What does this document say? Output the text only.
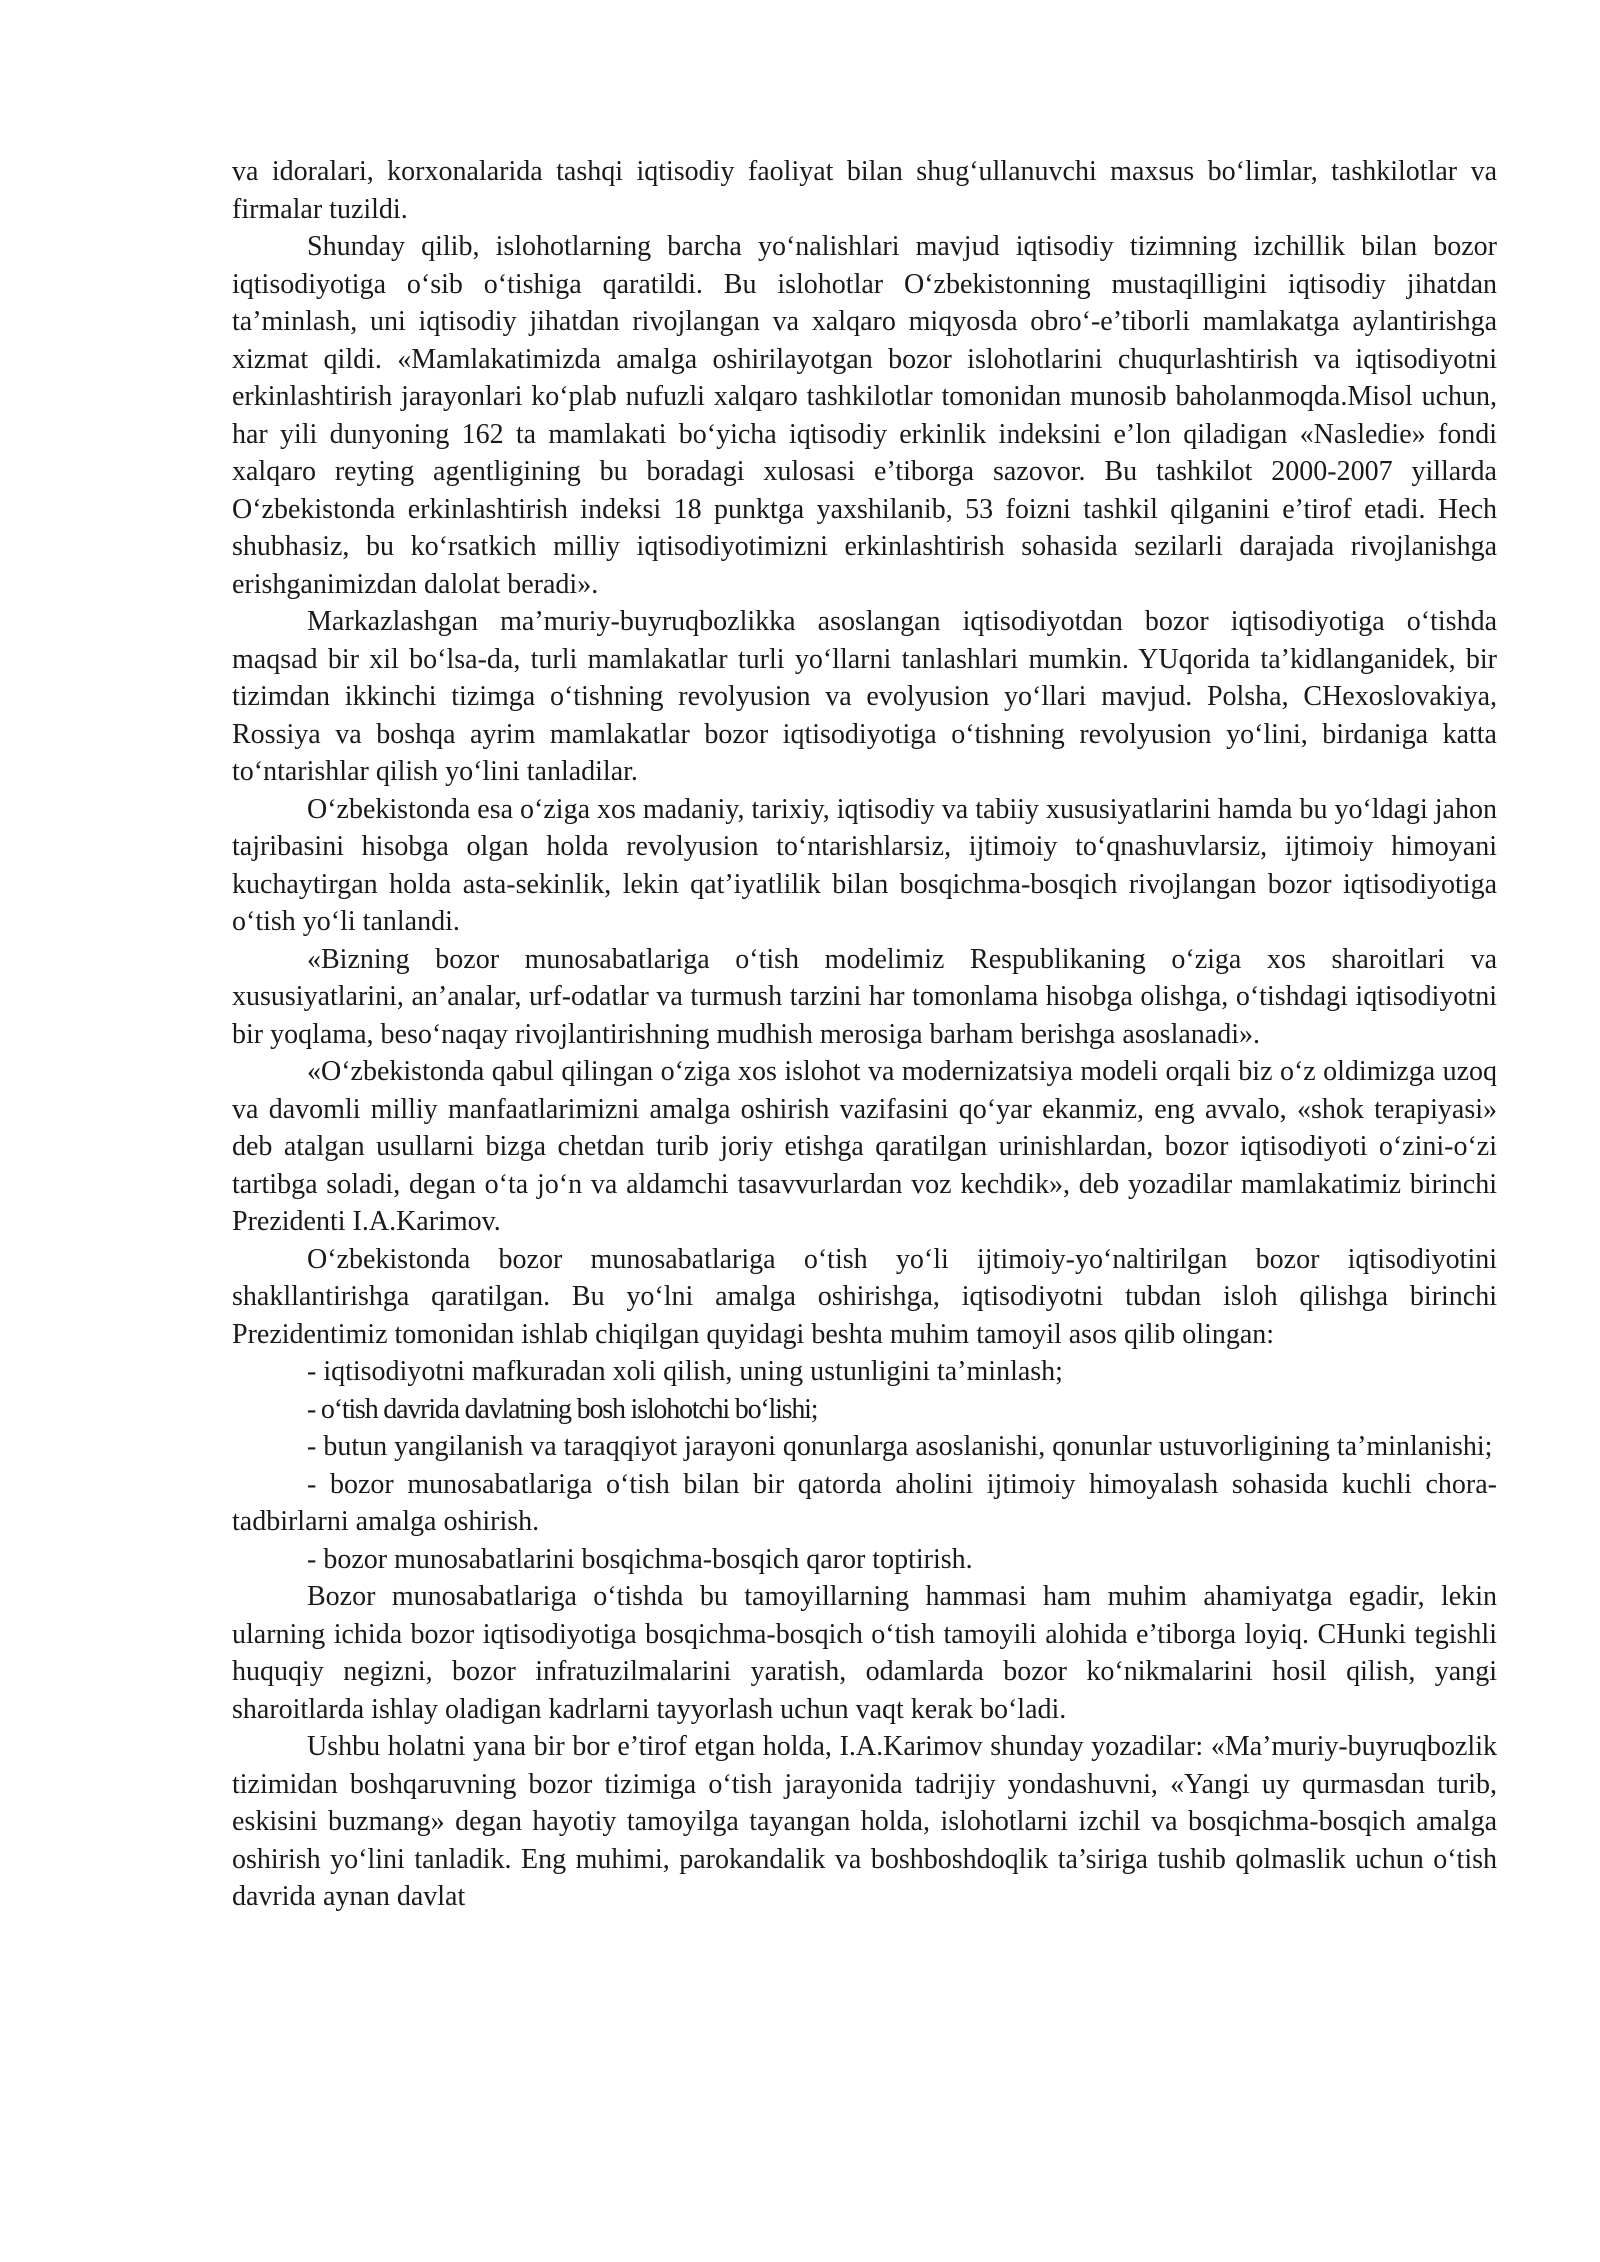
va idoralari, korxonalarida tashqi iqtisodiy faoliyat bilan shug‘ullanuvchi maxsus bo‘limlar, tashkilotlar va firmalar tuzildi.

Shunday qilib, islohotlarning barcha yo‘nalishlari mavjud iqtisodiy tizimning izchillik bilan bozor iqtisodiyotiga o‘sib o‘tishiga qaratildi. Bu islohotlar O‘zbekistonning mustaqilligini iqtisodiy jihatdan ta’minlash, uni iqtisodiy jihatdan rivojlangan va xalqaro miqyosda obro‘-e’tiborli mamlakatga aylantirishga xizmat qildi. «Mamlakatimizda amalga oshirilayotgan bozor islohotlarini chuqurlashtirish va iqtisodiyotni erkinlashtirish jarayonlari ko‘plab nufuzli xalqaro tashkilotlar tomonidan munosib baholanmoqda.Misol uchun, har yili dunyoning 162 ta mamlakati bo‘yicha iqtisodiy erkinlik indeksini e’lon qiladigan «Nasledie» fondi xalqaro reyting agentligining bu boradagi xulosasi e’tiborga sazovor. Bu tashkilot 2000-2007 yillarda O‘zbekistonda erkinlashtirish indeksi 18 punktga yaxshilanib, 53 foizni tashkil qilganini e’tirof etadi. Hech shubhasiz, bu ko‘rsatkich milliy iqtisodiyotimizni erkinlashtirish sohasida sezilarli darajada rivojlanishga erishganimizdan dalolat beradi».

Markazlashgan ma’muriy-buyruqbozlikka asoslangan iqtisodiyotdan bozor iqtisodiyotiga o‘tishda maqsad bir xil bo‘lsa-da, turli mamlakatlar turli yo‘llarni tanlashlari mumkin. YUqorida ta’kidlanganidek, bir tizimdan ikkinchi tizimga o‘tishning revolyusion va evolyusion yo‘llari mavjud. Polsha, CHexoslovakiya, Rossiya va boshqa ayrim mamlakatlar bozor iqtisodiyotiga o‘tishning revolyusion yo‘lini, birdaniga katta to‘ntarishlar qilish yo‘lini tanladilar.

O‘zbekistonda esa o‘ziga xos madaniy, tarixiy, iqtisodiy va tabiiy xususiyatlarini hamda bu yo‘ldagi jahon tajribasini hisobga olgan holda revolyusion to‘ntarishlarsiz, ijtimoiy to‘qnashuvlarsiz, ijtimoiy himoyani kuchaytirgan holda asta-sekinlik, lekin qat’iyatlilik bilan bosqichma-bosqich rivojlangan bozor iqtisodiyotiga o‘tish yo‘li tanlandi.

«Bizning bozor munosabatlariga o‘tish modelimiz Respublikaning o‘ziga xos sharoitlari va xususiyatlarini, an’analar, urf-odatlar va turmush tarzini har tomonlama hisobga olishga, o‘tishdagi iqtisodiyotni bir yoqlama, beso‘naqay rivojlantirishning mudhish merosiga barham berishga asoslanadi».

«O‘zbekistonda qabul qilingan o‘ziga xos islohot va modernizatsiya modeli orqali biz o‘z oldimizga uzoq va davomli milliy manfaatlarimizni amalga oshirish vazifasini qo‘yar ekanmiz, eng avvalo, «shok terapiyasi» deb atalgan usullarni bizga chetdan turib joriy etishga qaratilgan urinishlardan, bozor iqtisodiyoti o‘zini-o‘zi tartibga soladi, degan o‘ta jo‘n va aldamchi tasavvurlardan voz kechdik», deb yozadilar mamlakatimiz birinchi Prezidenti I.A.Karimov.

O‘zbekistonda bozor munosabatlariga o‘tish yo‘li ijtimoiy-yo‘naltirilgan bozor iqtisodiyotini shakllantirishga qaratilgan. Bu yo‘lni amalga oshirishga, iqtisodiyotni tubdan isloh qilishga birinchi Prezidentimiz tomonidan ishlab chiqilgan quyidagi beshta muhim tamoyil asos qilib olingan:

- iqtisodiyotni mafkuradan xoli qilish, uning ustunligini ta’minlash;

- o‘tish davrida davlatning bosh islohotchi bo‘lishi;

- butun yangilanish va taraqqiyot jarayoni qonunlarga asoslanishi, qonunlar ustuvorligining ta’minlanishi;

- bozor munosabatlariga o‘tish bilan bir qatorda aholini ijtimoiy himoyalash sohasida kuchli chora-tadbirlarni amalga oshirish.

- bozor munosabatlarini bosqichma-bosqich qaror toptirish.

Bozor munosabatlariga o‘tishda bu tamoyillarning hammasi ham muhim ahamiyatga egadir, lekin ularning ichida bozor iqtisodiyotiga bosqichma-bosqich o‘tish tamoyili alohida e’tiborga loyiq. CHunki tegishli huquqiy negizni, bozor infratuzilmalarini yaratish, odamlarda bozor ko‘nikmalarini hosil qilish, yangi sharoitlarda ishlay oladigan kadrlarni tayyorlash uchun vaqt kerak bo‘ladi.

Ushbu holatni yana bir bor e’tirof etgan holda, I.A.Karimov shunday yozadilar: «Ma’muriy-buyruqbozlik tizimidan boshqaruvning bozor tizimiga o‘tish jarayonida tadrijiy yondashuvni, «Yangi uy qurmasdan turib, eskisini buzmang» degan hayotiy tamoyilga tayangan holda, islohotlarni izchil va bosqichma-bosqich amalga oshirish yo‘lini tanladik. Eng muhimi, parokandalik va boshboshdoqlik ta’siriga tushib qolmaslik uchun o‘tish davrida aynan davlat
